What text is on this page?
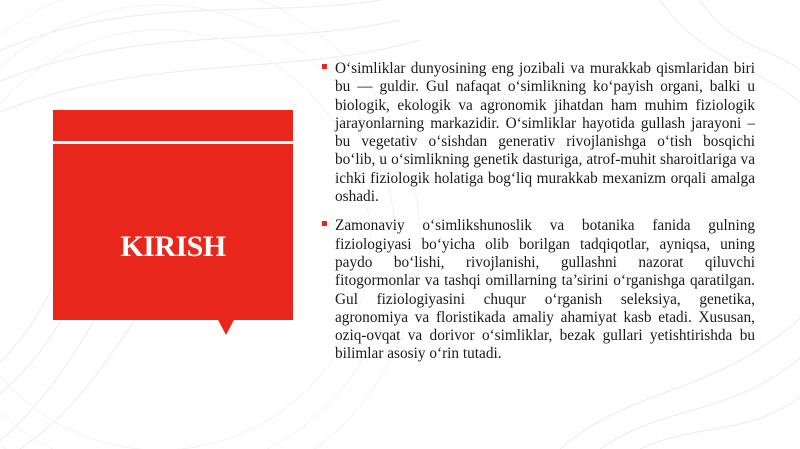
KIRISH

O‘simliklar dunyosining eng jozibali va murakkab qismlaridan biri bu — guldir. Gul nafaqat o‘simlikning ko‘payish organi, balki u biologik, ekologik va agronomik jihatdan ham muhim fiziologik jarayonlarning markazidir. O‘simliklar hayotida gullash jarayoni – bu vegetativ o‘sishdan generativ rivojlanishga o‘tish bosqichi bo‘lib, u o‘simlikning genetik dasturiga, atrof-muhit sharoitlariga va ichki fiziologik holatiga bog‘liq murakkab mexanizm orqali amalga oshadi.

Zamonaviy o‘simlikshunoslik va botanika fanida gulning fiziologiyasi bo‘yicha olib borilgan tadqiqotlar, ayniqsa, uning paydo bo‘lishi, rivojlanishi, gullashni nazorat qiluvchi fitogormonlar va tashqi omillarning ta’sirini o‘rganishga qaratilgan. Gul fiziologiyasini chuqur o‘rganish seleksiya, genetika, agronomiya va floristikada amaliy ahamiyat kasb etadi. Xususan, oziq-ovqat va dorivor o‘simliklar, bezak gullari yetishtirishda bu bilimlar asosiy o‘rin tutadi.
